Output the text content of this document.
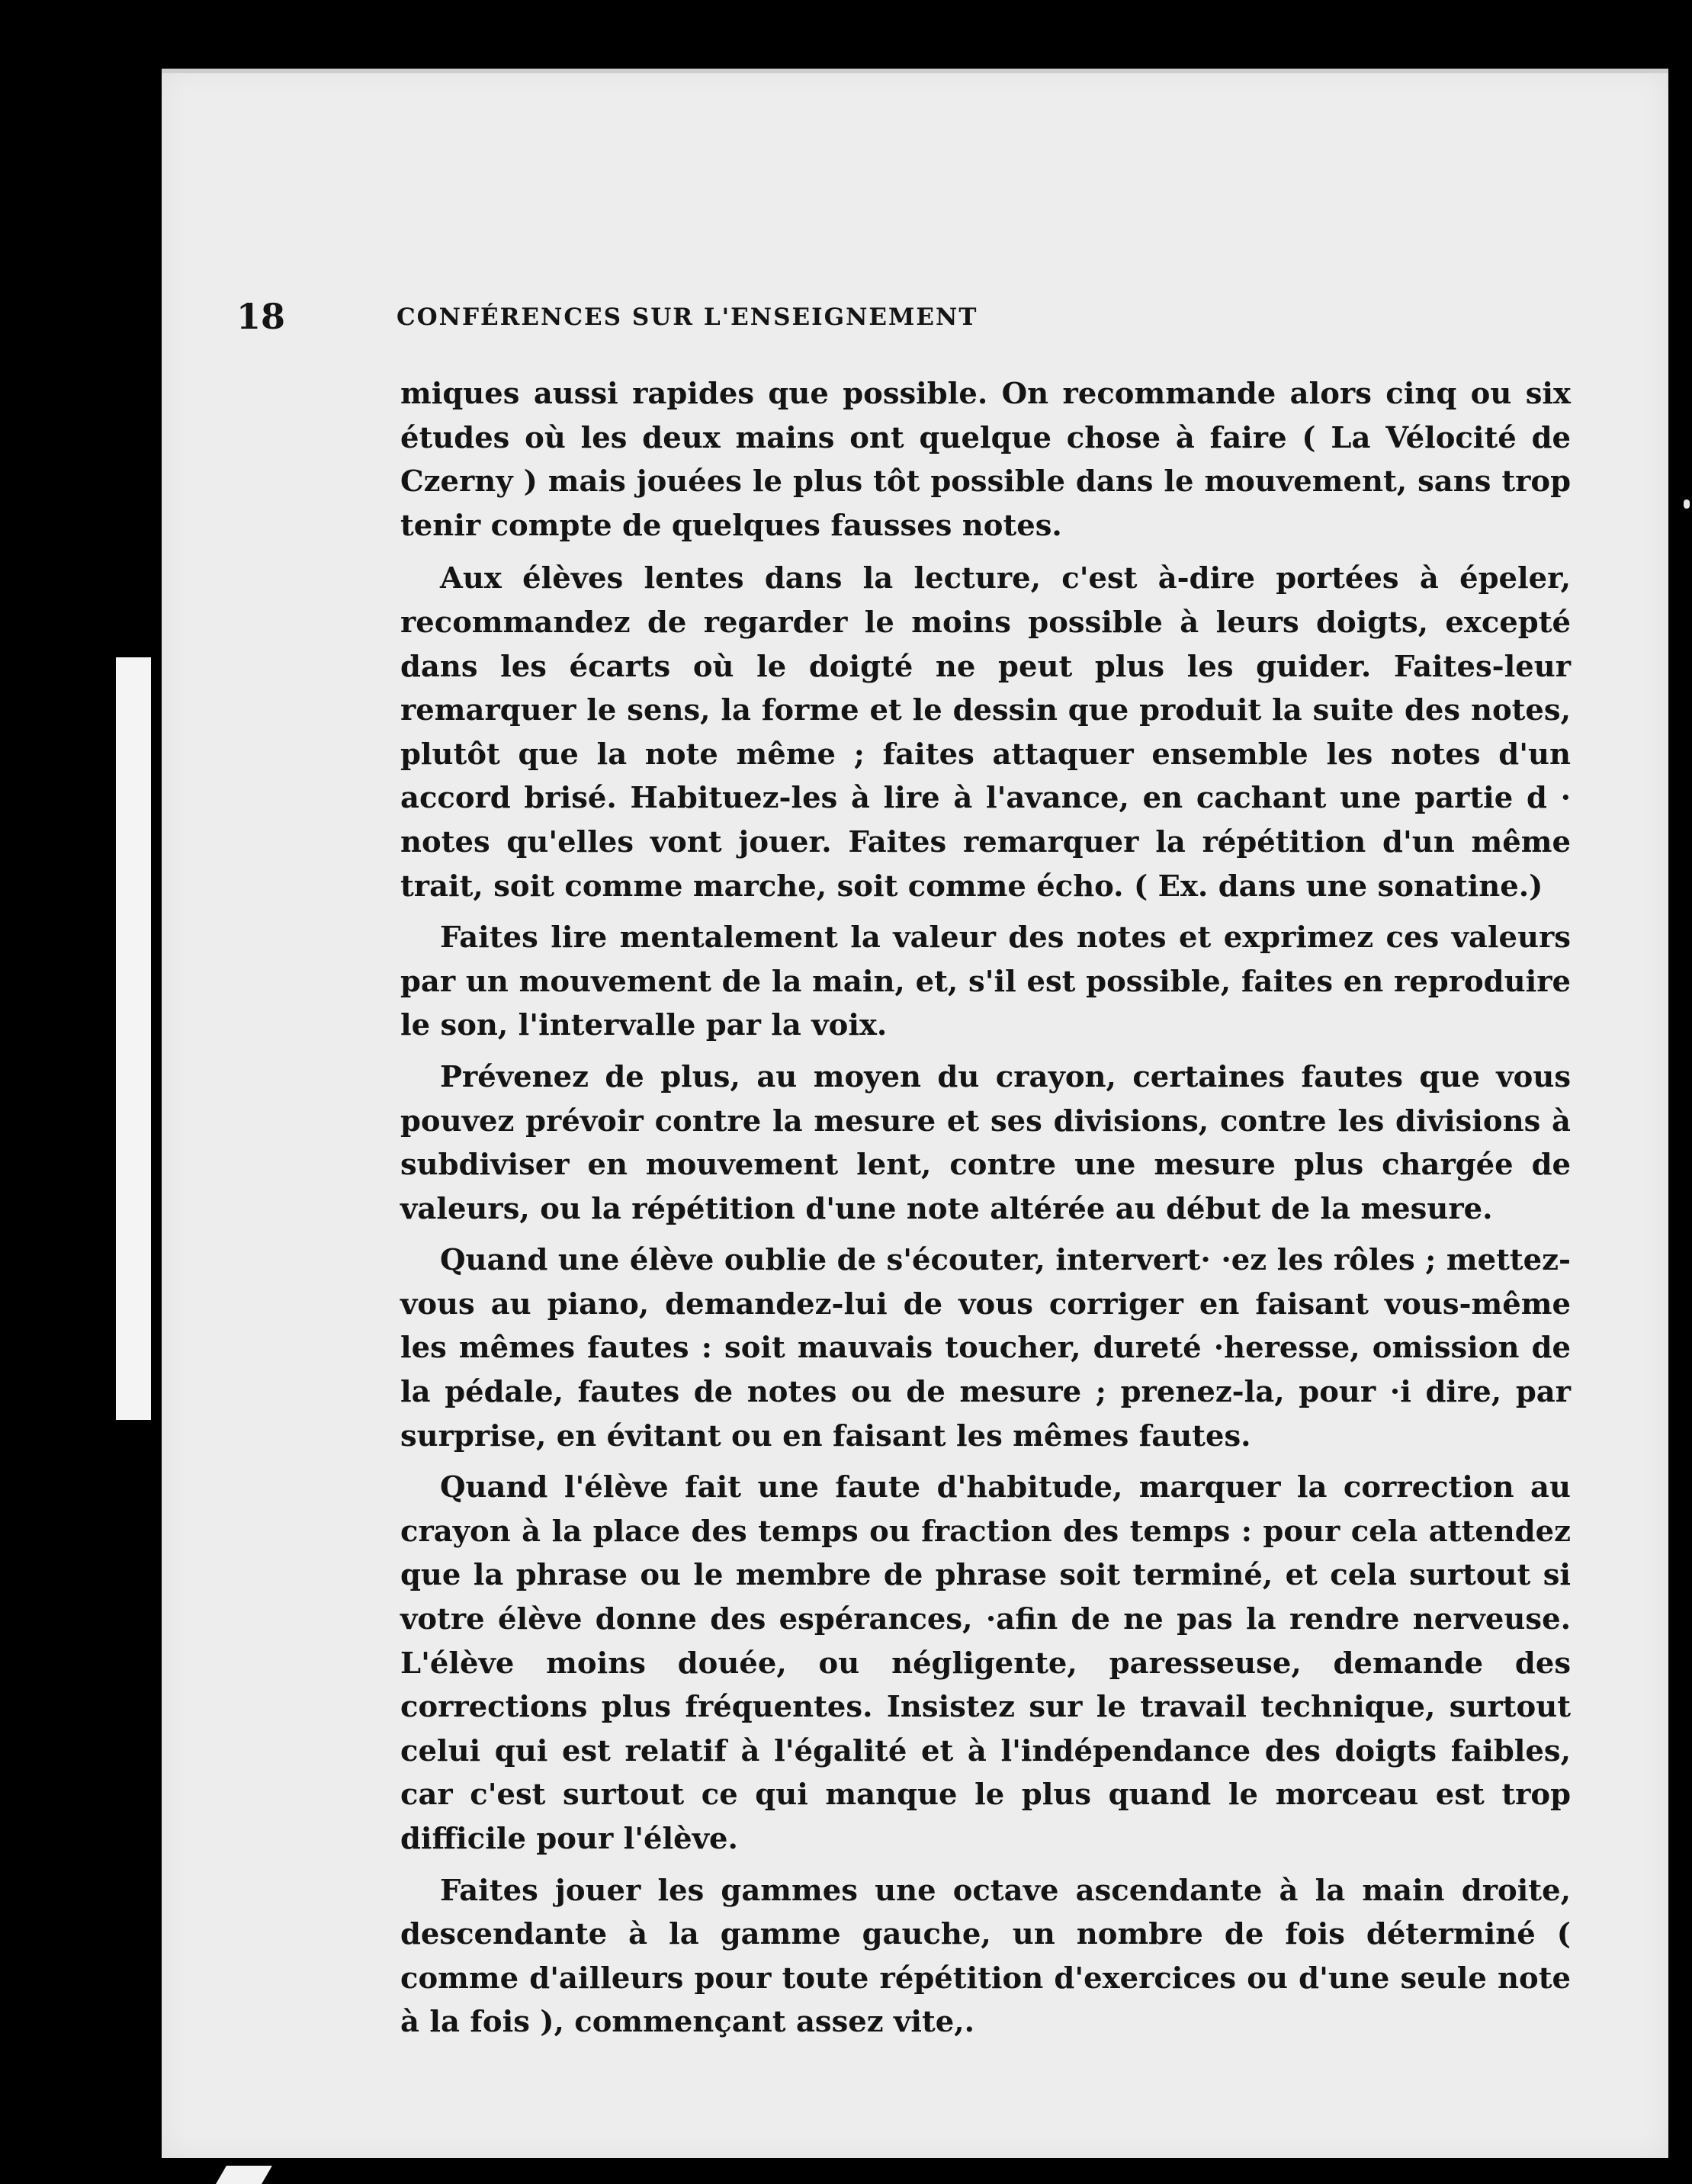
18	CONFÉRENCES SUR L'ENSEIGNEMENT

miques aussi rapides que possible. On recommande alors cinq ou six études où les deux mains ont quelque chose à faire ( La Vélocité de Czerny ) mais jouées le plus tôt possible dans le mouvement, sans trop tenir compte de quelques fausses notes.

Aux élèves lentes dans la lecture, c'est à-dire portées à épeler, recommandez de regarder le moins possible à leurs doigts, excepté dans les écarts où le doigté ne peut plus les guider. Faites-leur remarquer le sens, la forme et le dessin que produit la suite des notes, plutôt que la note même ; faites attaquer ensemble les notes d'un accord brisé. Habituez-les à lire à l'avance, en cachant une partie d · notes qu'elles vont jouer. Faites remarquer la répétition d'un même trait, soit comme marche, soit comme écho. ( Ex. dans une sonatine.)

Faites lire mentalement la valeur des notes et exprimez ces valeurs par un mouvement de la main, et, s'il est possible, faites en reproduire le son, l'intervalle par la voix.

Prévenez de plus, au moyen du crayon, certaines fautes que vous pouvez prévoir contre la mesure et ses divisions, contre les divisions à subdiviser en mouvement lent, contre une mesure plus chargée de valeurs, ou la répétition d'une note altérée au début de la mesure.

Quand une élève oublie de s'écouter, intervert· ·ez les rôles ; mettez-vous au piano, demandez-lui de vous corriger en faisant vous-même les mêmes fautes : soit mauvais toucher, dureté ·heresse, omission de la pédale, fautes de notes ou de mesure ; prenez-la, pour ·i dire, par surprise, en évitant ou en faisant les mêmes fautes.

Quand l'élève fait une faute d'habitude, marquer la correction au crayon à la place des temps ou fraction des temps : pour cela attendez que la phrase ou le membre de phrase soit terminé, et cela surtout si votre élève donne des espérances, ·afin de ne pas la rendre nerveuse. L'élève moins douée, ou négligente, paresseuse, demande des corrections plus fréquentes. Insistez sur le travail technique, surtout celui qui est relatif à l'égalité et à l'indépendance des doigts faibles, car c'est surtout ce qui manque le plus quand le morceau est trop difficile pour l'élève.

Faites jouer les gammes une octave ascendante à la main droite, descendante à la gamme gauche, un nombre de fois déterminé ( comme d'ailleurs pour toute répétition d'exercices ou d'une seule note à la fois ), commençant assez vite,.
